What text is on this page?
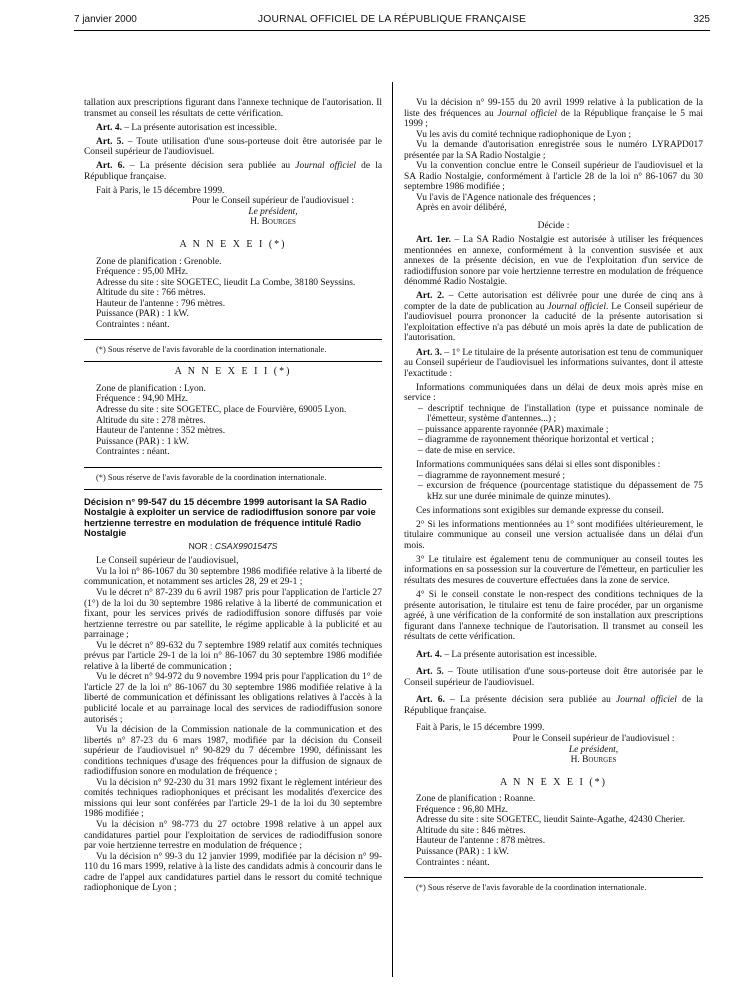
7 janvier 2000	JOURNAL OFFICIEL DE LA RÉPUBLIQUE FRANÇAISE	325

tallation aux prescriptions figurant dans l'annexe technique de l'autorisation. Il transmet au conseil les résultats de cette vérification.

Art. 4. – La présente autorisation est incessible.

Art. 5. – Toute utilisation d'une sous-porteuse doit être autorisée par le Conseil supérieur de l'audiovisuel.

Art. 6. – La présente décision sera publiée au Journal officiel de la République française.

Fait à Paris, le 15 décembre 1999.

Pour le Conseil supérieur de l'audiovisuel :

Le président,

H. Bourges

A N N E X E I (*)

Zone de planification : Grenoble.

Fréquence : 95,00 MHz.

Adresse du site : site SOGETEC, lieudit La Combe, 38180 Seyssins.

Altitude du site : 766 mètres.

Hauteur de l'antenne : 796 mètres.

Puissance (PAR) : 1 kW.

Contraintes : néant.

(*) Sous réserve de l'avis favorable de la coordination internationale.

A N N E X E I I (*)

Zone de planification : Lyon.

Fréquence : 94,90 MHz.

Adresse du site : site SOGETEC, place de Fourvière, 69005 Lyon.

Altitude du site : 278 mètres.

Hauteur de l'antenne : 352 mètres.

Puissance (PAR) : 1 kW.

Contraintes : néant.

(*) Sous réserve de l'avis favorable de la coordination internationale.

Décision n° 99-547 du 15 décembre 1999 autorisant la SA Radio Nostalgie à exploiter un service de radiodiffusion sonore par voie hertzienne terrestre en modulation de fréquence intitulé Radio Nostalgie

NOR : CSAX9901547S

Le Conseil supérieur de l'audiovisuel,

Vu la loi n° 86-1067 du 30 septembre 1986 modifiée relative à la liberté de communication, et notamment ses articles 28, 29 et 29-1 ;

Vu le décret n° 87-239 du 6 avril 1987 pris pour l'application de l'article 27 (1°) de la loi du 30 septembre 1986 relative à la liberté de communication et fixant, pour les services privés de radiodiffusion sonore diffusés par voie hertzienne terrestre ou par satellite, le régime applicable à la publicité et au parrainage ;

Vu le décret n° 89-632 du 7 septembre 1989 relatif aux comités techniques prévus par l'article 29-1 de la loi n° 86-1067 du 30 septembre 1986 modifiée relative à la liberté de communication ;

Vu le décret n° 94-972 du 9 novembre 1994 pris pour l'application du 1° de l'article 27 de la loi n° 86-1067 du 30 septembre 1986 modifiée relative à la liberté de communication et définissant les obligations relatives à l'accès à la publicité locale et au parrainage local des services de radiodiffusion sonore autorisés ;

Vu la décision de la Commission nationale de la communication et des libertés n° 87-23 du 6 mars 1987, modifiée par la décision du Conseil supérieur de l'audiovisuel n° 90-829 du 7 décembre 1990, définissant les conditions techniques d'usage des fréquences pour la diffusion de signaux de radiodiffusion sonore en modulation de fréquence ;

Vu la décision n° 92-230 du 31 mars 1992 fixant le règlement intérieur des comités techniques radiophoniques et précisant les modalités d'exercice des missions qui leur sont conférées par l'article 29-1 de la loi du 30 septembre 1986 modifiée ;

Vu la décision n° 98-773 du 27 octobre 1998 relative à un appel aux candidatures partiel pour l'exploitation de services de radiodiffusion sonore par voie hertzienne terrestre en modulation de fréquence ;

Vu la décision n° 99-3 du 12 janvier 1999, modifiée par la décision n° 99-110 du 16 mars 1999, relative à la liste des candidats admis à concourir dans le cadre de l'appel aux candidatures partiel dans le ressort du comité technique radiophonique de Lyon ;

Vu la décision n° 99-155 du 20 avril 1999 relative à la publication de la liste des fréquences au Journal officiel de la République française le 5 mai 1999 ;

Vu les avis du comité technique radiophonique de Lyon ;

Vu la demande d'autorisation enregistrée sous le numéro LYRAPD017 présentée par la SA Radio Nostalgie ;

Vu la convention conclue entre le Conseil supérieur de l'audiovisuel et la SA Radio Nostalgie, conformément à l'article 28 de la loi n° 86-1067 du 30 septembre 1986 modifiée ;

Vu l'avis de l'Agence nationale des fréquences ;

Après en avoir délibéré,

Décide :

Art. 1er. – La SA Radio Nostalgie est autorisée à utiliser les fréquences mentionnées en annexe, conformément à la convention susvisée et aux annexes de la présente décision, en vue de l'exploitation d'un service de radiodiffusion sonore par voie hertzienne terrestre en modulation de fréquence dénommé Radio Nostalgie.

Art. 2. – Cette autorisation est délivrée pour une durée de cinq ans à compter de la date de publication au Journal officiel. Le Conseil supérieur de l'audiovisuel pourra prononcer la caducité de la présente autorisation si l'exploitation effective n'a pas débuté un mois après la date de publication de l'autorisation.

Art. 3. – 1° Le titulaire de la présente autorisation est tenu de communiquer au Conseil supérieur de l'audiovisuel les informations suivantes, dont il atteste l'exactitude :

Informations communiquées dans un délai de deux mois après mise en service :

– descriptif technique de l'installation (type et puissance nominale de l'émetteur, système d'antennes...) ;

– puissance apparente rayonnée (PAR) maximale ;

– diagramme de rayonnement théorique horizontal et vertical ;

– date de mise en service.

Informations communiquées sans délai si elles sont disponibles :

– diagramme de rayonnement mesuré ;

– excursion de fréquence (pourcentage statistique du dépassement de 75 kHz sur une durée minimale de quinze minutes).

Ces informations sont exigibles sur demande expresse du conseil.

2° Si les informations mentionnées au 1° sont modifiées ultérieurement, le titulaire communique au conseil une version actualisée dans un délai d'un mois.

3° Le titulaire est également tenu de communiquer au conseil toutes les informations en sa possession sur la couverture de l'émetteur, en particulier les résultats des mesures de couverture effectuées dans la zone de service.

4° Si le conseil constate le non-respect des conditions techniques de la présente autorisation, le titulaire est tenu de faire procéder, par un organisme agréé, à une vérification de la conformité de son installation aux prescriptions figurant dans l'annexe technique de l'autorisation. Il transmet au conseil les résultats de cette vérification.

Art. 4. – La présente autorisation est incessible.

Art. 5. – Toute utilisation d'une sous-porteuse doit être autorisée par le Conseil supérieur de l'audiovisuel.

Art. 6. – La présente décision sera publiée au Journal officiel de la République française.

Fait à Paris, le 15 décembre 1999.

Pour le Conseil supérieur de l'audiovisuel :

Le président,

H. Bourges

A N N E X E I (*)

Zone de planification : Roanne.

Fréquence : 96,80 MHz.

Adresse du site : site SOGETEC, lieudit Sainte-Agathe, 42430 Cherier.

Altitude du site : 846 mètres.

Hauteur de l'antenne : 878 mètres.

Puissance (PAR) : 1 kW.

Contraintes : néant.

(*) Sous réserve de l'avis favorable de la coordination internationale.
